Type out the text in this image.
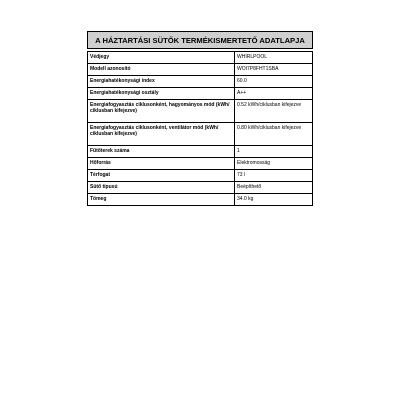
A HÁZTARTÁSI SÜTŐK TERMÉKISMERTETŐ ADATLAPJA
Védjegy	WHIRLPOOL
Modell azonosító	WOI7P8FHT1SBA
Energiahatékonysági index	60.0
Energiahatékonysági osztály	A++
Energiafogyasztás ciklusonként, hagyományos mód (kWh/ ciklusban kifejezve)	0.52 kWh/ciklusban kifejezve
Energiafogyasztás ciklusonként, ventilátor mód (kWh/ ciklusban kifejezve)	0.80 kWh/ciklusban kifejezve
Fűtőterek száma	1
Hőforrás	Elektromosság
Térfogat	73 l
Sütő típusú	Beépíthető
Tömeg	34.0 kg
